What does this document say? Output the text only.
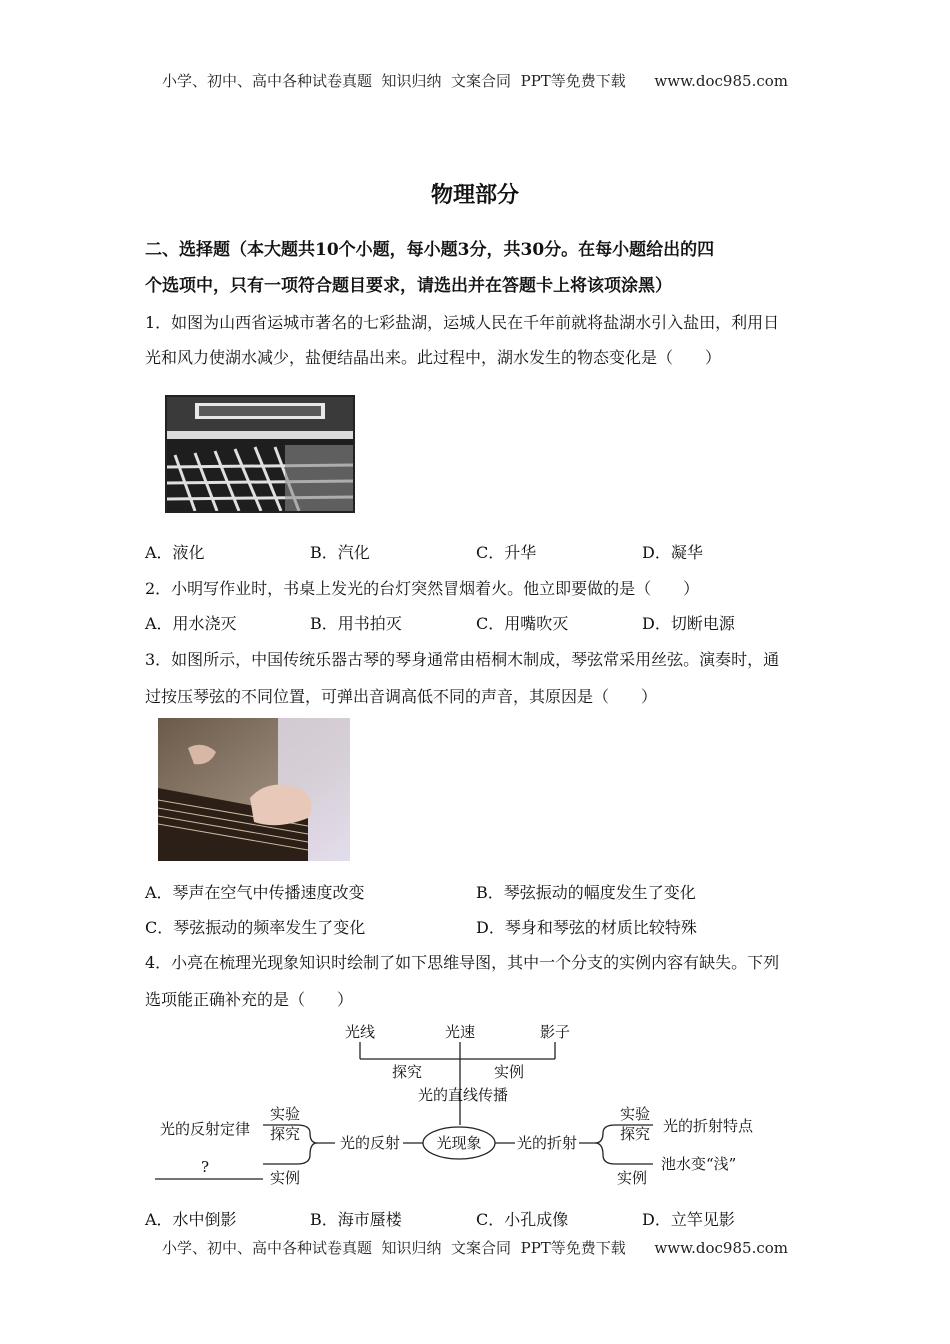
小学、初中、高中各种试卷真题  知识归纳  文案合同  PPT等免费下载      www.doc985.com
物理部分
二、选择题（本大题共10个小题，每小题3分，共30分。在每小题给出的四
个选项中，只有一项符合题目要求，请选出并在答题卡上将该项涂黑）
1．如图为山西省运城市著名的七彩盐湖，运城人民在千年前就将盐湖水引入盐田，利用日
光和风力使湖水减少，盐便结晶出来。此过程中，湖水发生的物态变化是（　　）
A．液化	B．汽化	C．升华	D．凝华
2．小明写作业时，书桌上发光的台灯突然冒烟着火。他立即要做的是（　　）
A．用水浇灭	B．用书拍灭	C．用嘴吹灭	D．切断电源
3．如图所示，中国传统乐器古琴的琴身通常由梧桐木制成，琴弦常采用丝弦。演奏时，通
过按压琴弦的不同位置，可弹出音调高低不同的声音，其原因是（　　）
A．琴声在空气中传播速度改变	B．琴弦振动的幅度发生了变化
C．琴弦振动的频率发生了变化	D．琴身和琴弦的材质比较特殊
4．小亮在梳理光现象知识时绘制了如下思维导图，其中一个分支的实例内容有缺失。下列
选项能正确补充的是（　　）
光线	光速	影子
探究	实例
光的直线传播
光现象
光的反射	光的折射
实验
探究
实例
实验
探究
实例
?
光的反射定律	光的折射特点
池水变“浅”
A．水中倒影	B．海市蜃楼	C．小孔成像	D．立竿见影
小学、初中、高中各种试卷真题  知识归纳  文案合同  PPT等免费下载      www.doc985.com
